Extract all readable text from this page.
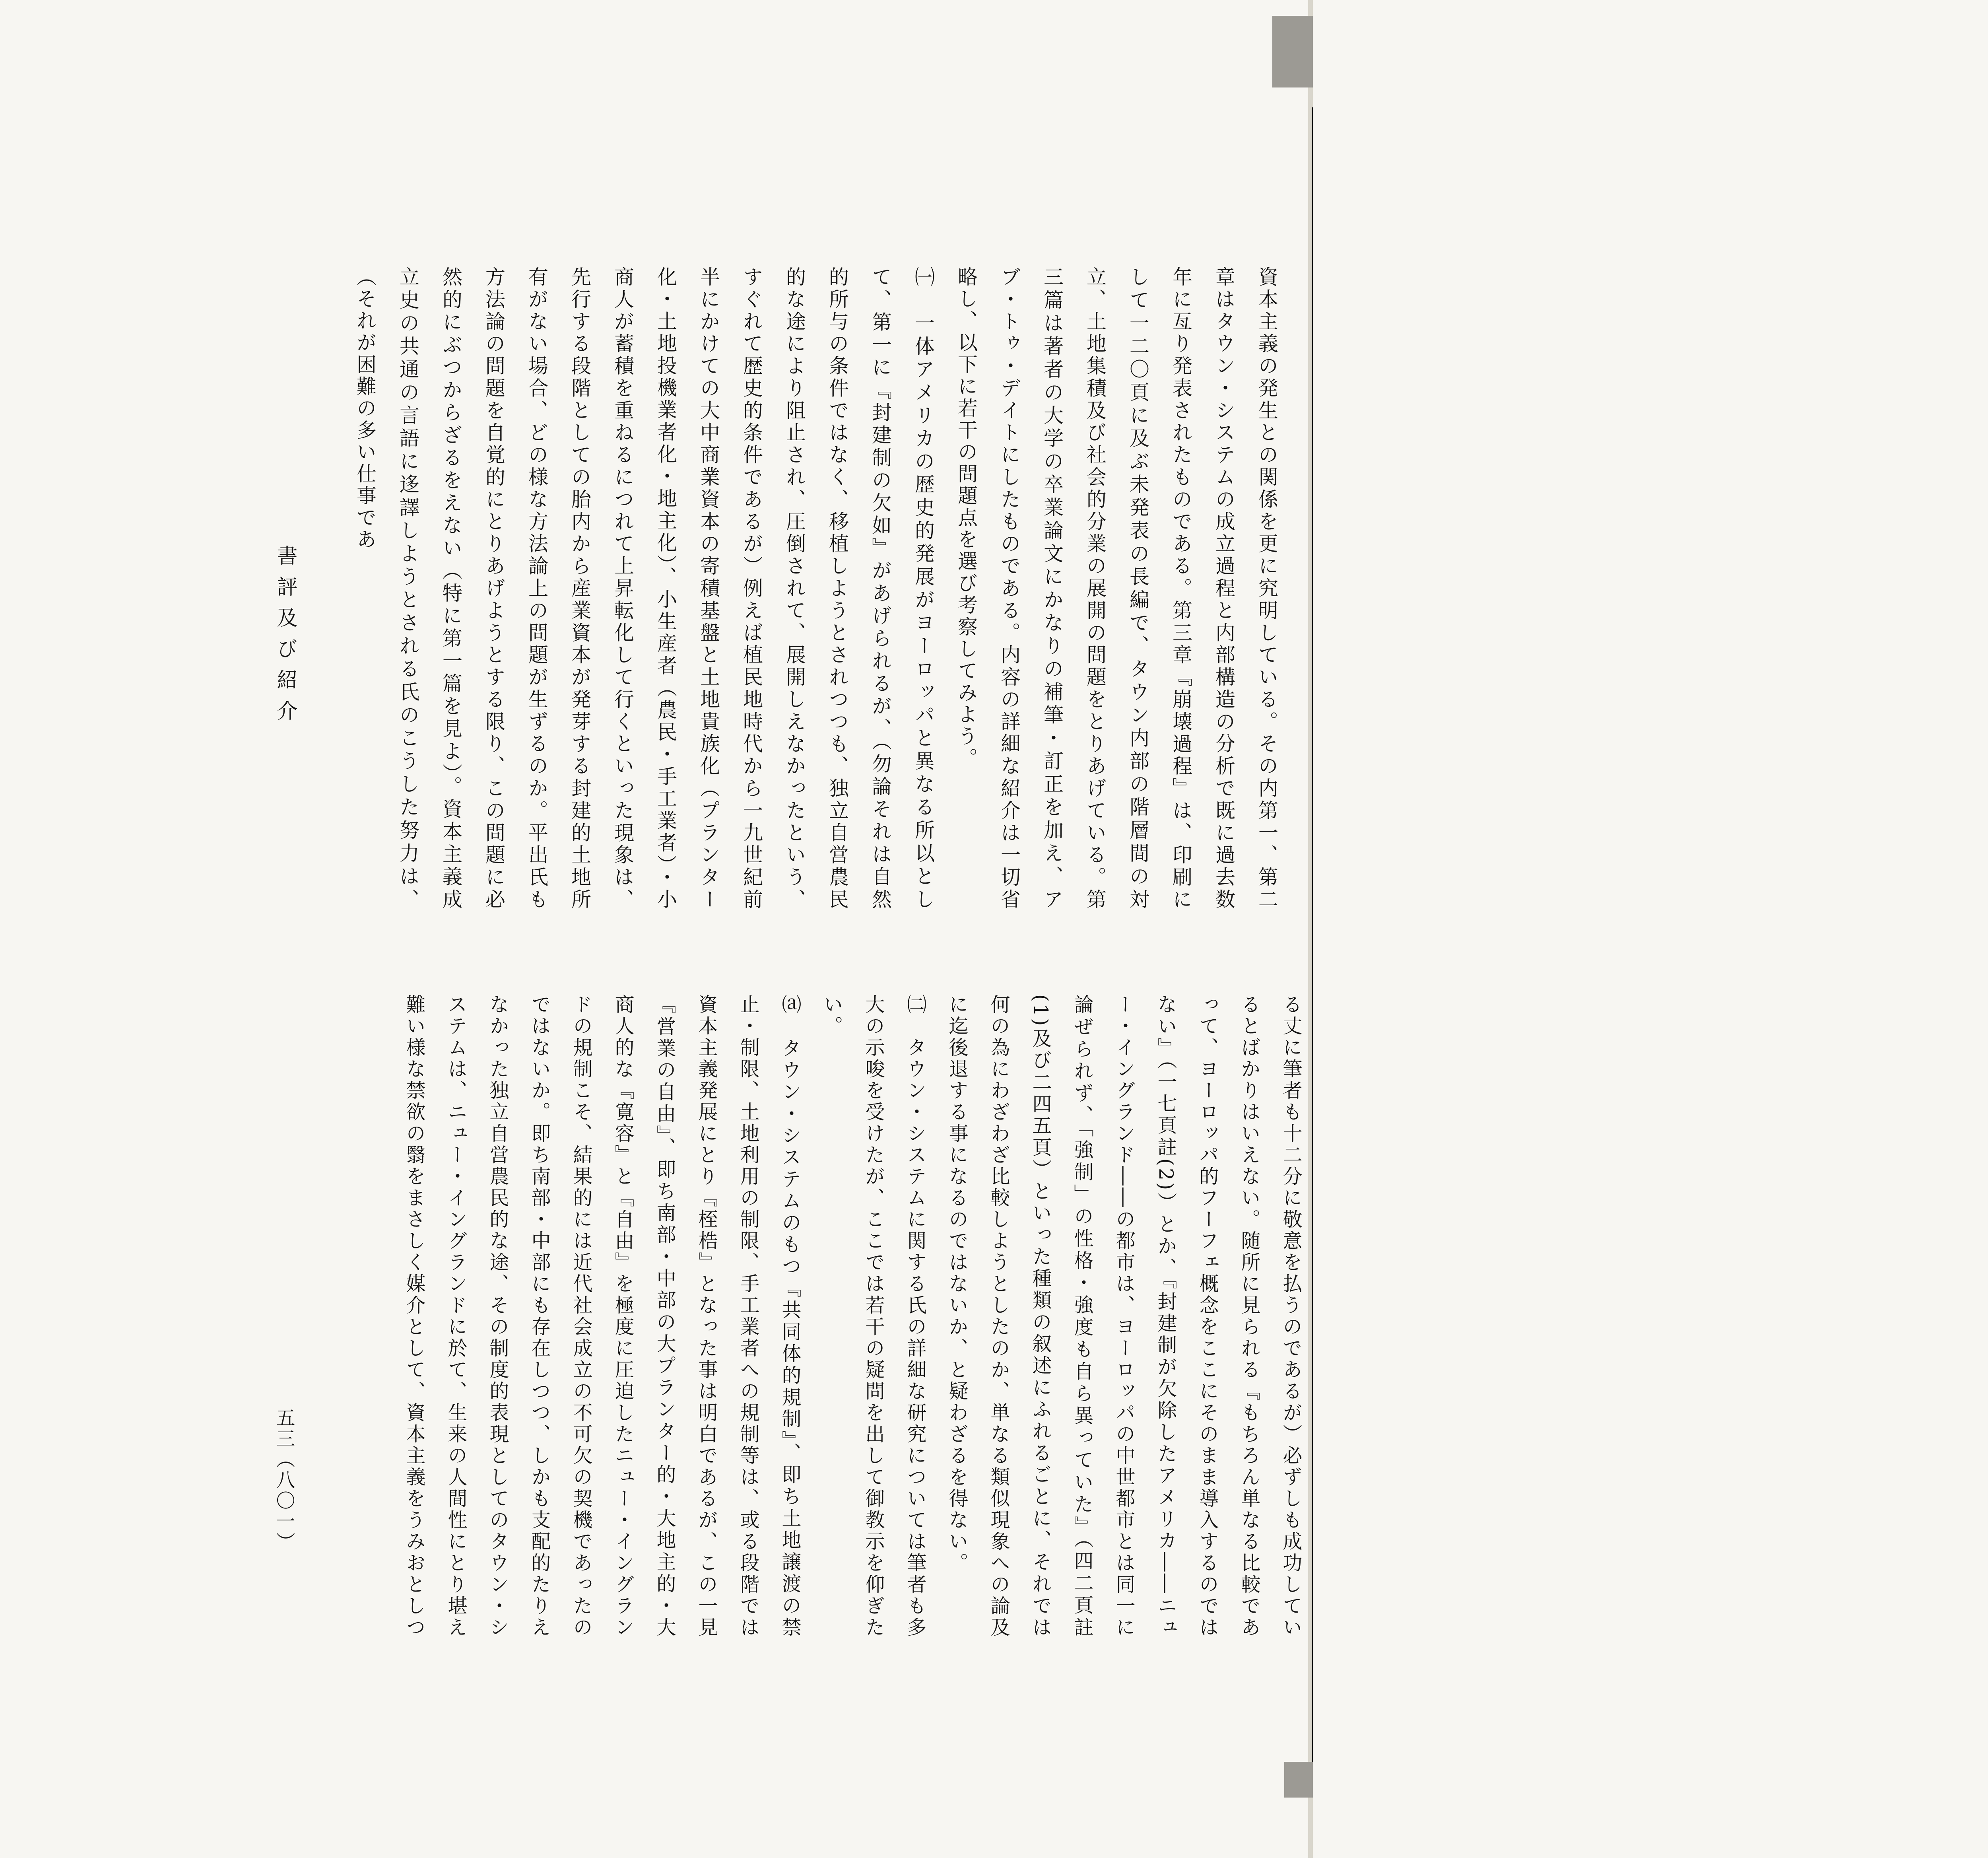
書評及び紹介	資本主義の発生との関係を更に究明している。その内第一、第二章はタウン・システムの成立過程と内部構造の分析で既に過去数年に亙り発表されたものである。第三章『崩壊過程』は、印刷にして一二〇頁に及ぶ未発表の長編で、タウン内部の階層間の対立、土地集積及び社会的分業の展開の問題をとりあげている。第三篇は著者の大学の卒業論文にかなりの補筆・訂正を加え、アブ・トゥ・デイトにしたものである。内容の詳細な紹介は一切省略し、以下に若干の問題点を選び考察してみよう。
㈠　一体アメリカの歴史的発展がヨーロッパと異なる所以として、第一に『封建制の欠如』があげられるが、（勿論それは自然的所与の条件ではなく、移植しようとされつつも、独立自営農民的な途により阻止され、圧倒されて、展開しえなかったという、すぐれて歴史的条件であるが）例えば植民地時代から一九世紀前半にかけての大中商業資本の寄積基盤と土地貴族化（プランター化・土地投機業者化・地主化）、小生産者（農民・手工業者）・小商人が蓄積を重ねるにつれて上昇転化して行くといった現象は、先行する段階としての胎内から産業資本が発芽する封建的土地所有がない場合、どの様な方法論上の問題が生ずるのか。平出氏も方法論の問題を自覚的にとりあげようとする限り、この問題に必然的にぶつからざるをえない（特に第一篇を見よ）。資本主義成立史の共通の言語に迻譯しようとされる氏のこうした努力は、（それが困難の多い仕事であ
る丈に筆者も十二分に敬意を払うのであるが）必ずしも成功しているとばかりはいえない。随所に見られる『もちろん単なる比較であって、ヨーロッパ的フーフェ概念をここにそのまま導入するのではない』（一七頁註(2)）とか、『封建制が欠除したアメリカ――ニュー・イングランド――の都市は、ヨーロッパの中世都市とは同一に論ぜられず、「強制」の性格・強度も自ら異っていた』（四二頁註(1)及び二四五頁）といった種類の叙述にふれるごとに、それでは何の為にわざわざ比較しようとしたのか、単なる類似現象への論及に迄後退する事になるのではないか、と疑わざるを得ない。
㈡　タウン・システムに関する氏の詳細な研究については筆者も多大の示唆を受けたが、ここでは若干の疑問を出して御教示を仰ぎたい。
⒜　タウン・システムのもつ『共同体的規制』、即ち土地譲渡の禁止・制限、土地利用の制限、手工業者への規制等は、或る段階では資本主義発展にとり『桎梏』となった事は明白であるが、この一見『営業の自由』、即ち南部・中部の大プランター的・大地主的・大商人的な『寛容』と『自由』を極度に圧迫したニュー・イングランドの規制こそ、結果的には近代社会成立の不可欠の契機であったのではないか。即ち南部・中部にも存在しつつ、しかも支配的たりえなかった独立自営農民的な途、その制度的表現としてのタウン・システムは、ニュー・イングランドに於て、生来の人間性にとり堪え難い様な禁欲の翳をまさしく媒介として、資本主義をうみおとしつ
五三（八〇一）
